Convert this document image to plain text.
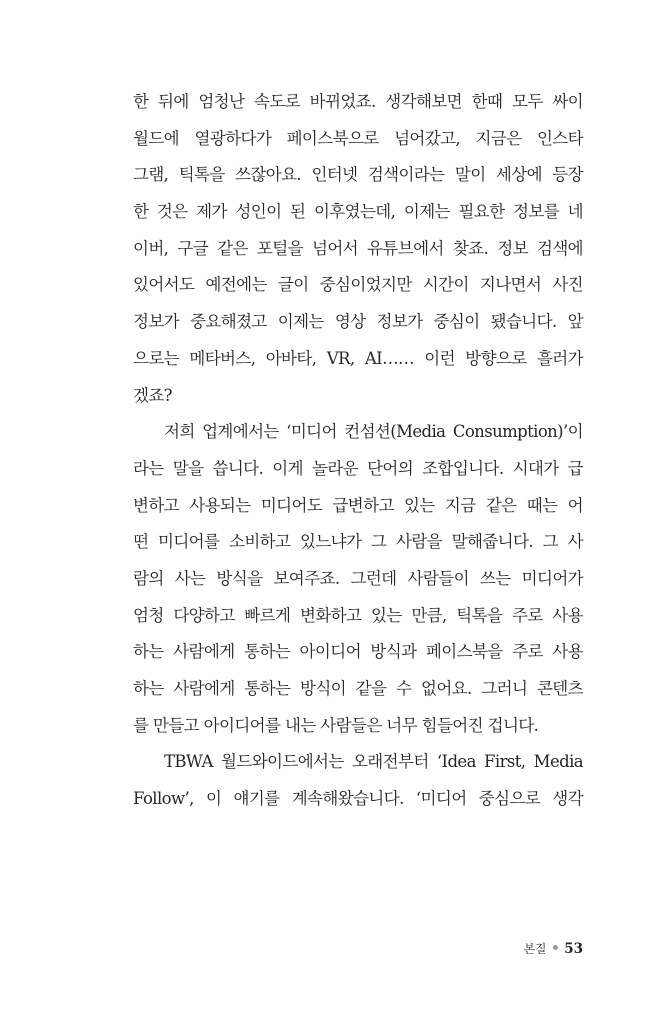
한 뒤에 엄청난 속도로 바뀌었죠. 생각해보면 한때 모두 싸이
월드에 열광하다가 페이스북으로 넘어갔고, 지금은 인스타
그램, 틱톡을 쓰잖아요. 인터넷 검색이라는 말이 세상에 등장
한 것은 제가 성인이 된 이후였는데, 이제는 필요한 정보를 네
이버, 구글 같은 포털을 넘어서 유튜브에서 찾죠. 정보 검색에
있어서도 예전에는 글이 중심이었지만 시간이 지나면서 사진
정보가 중요해졌고 이제는 영상 정보가 중심이 됐습니다. 앞
으로는 메타버스, 아바타, VR, AI…… 이런 방향으로 흘러가
겠죠?
저희 업계에서는 ‘미디어 컨섬션(Media Consumption)’이
라는 말을 씁니다. 이게 놀라운 단어의 조합입니다. 시대가 급
변하고 사용되는 미디어도 급변하고 있는 지금 같은 때는 어
떤 미디어를 소비하고 있느냐가 그 사람을 말해줍니다. 그 사
람의 사는 방식을 보여주죠. 그런데 사람들이 쓰는 미디어가
엄청 다양하고 빠르게 변화하고 있는 만큼, 틱톡을 주로 사용
하는 사람에게 통하는 아이디어 방식과 페이스북을 주로 사용
하는 사람에게 통하는 방식이 같을 수 없어요. 그러니 콘텐츠
를 만들고 아이디어를 내는 사람들은 너무 힘들어진 겁니다.
TBWA 월드와이드에서는 오래전부터 ‘Idea First, Media
Follow’, 이 얘기를 계속해왔습니다. ‘미디어 중심으로 생각
본질 53
